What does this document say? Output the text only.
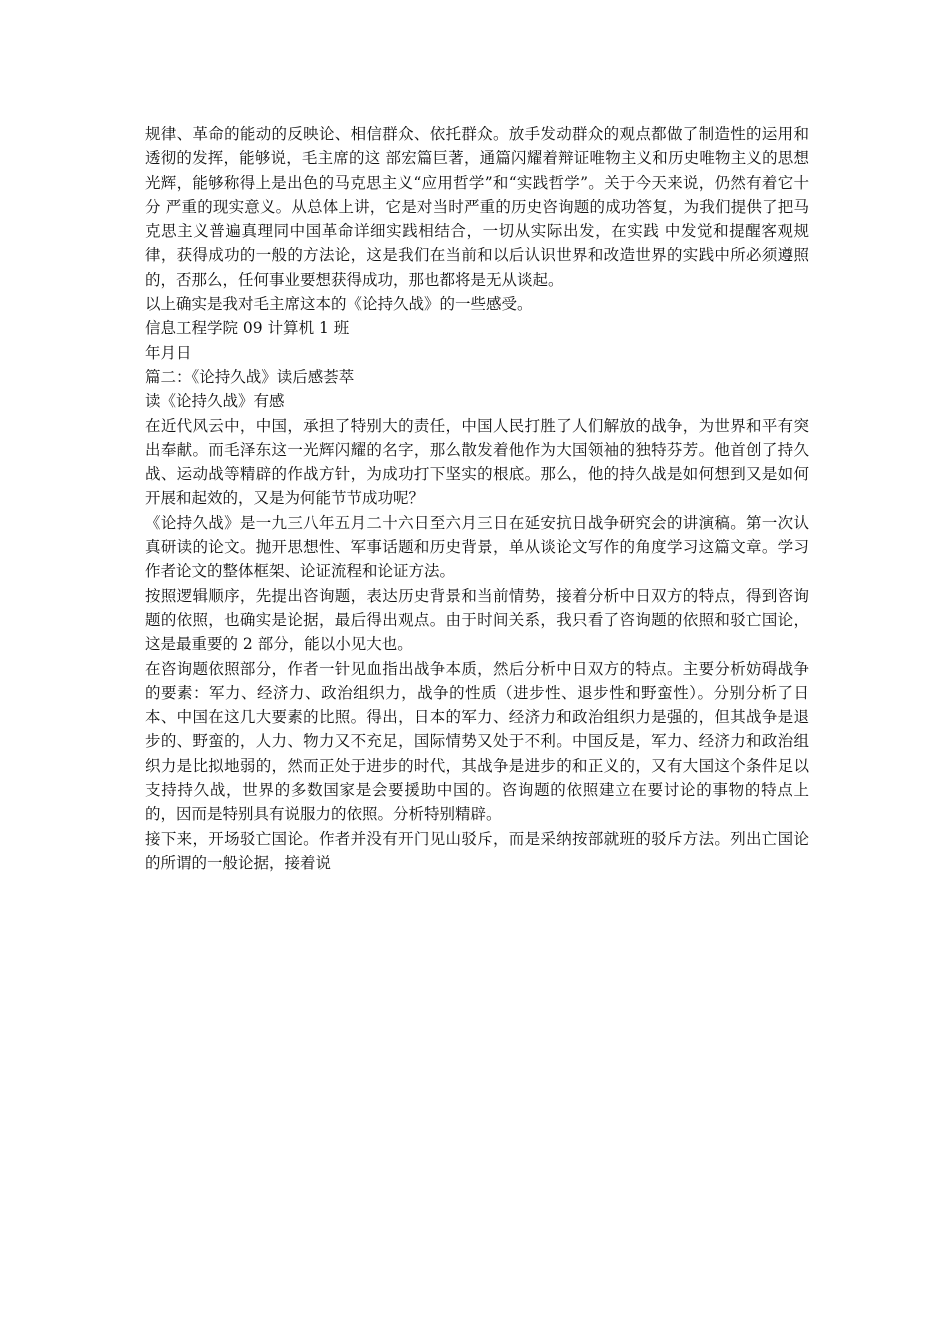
规律、革命的能动的反映论、相信群众、依托群众。放手发动群众的观点都做了制造性的运用和透彻的发挥，能够说，毛主席的这 部宏篇巨著，通篇闪耀着辩证唯物主义和历史唯物主义的思想光辉，能够称得上是出色的马克思主义“应用哲学”和“实践哲学”。关于今天来说，仍然有着它十分 严重的现实意义。从总体上讲，它是对当时严重的历史咨询题的成功答复，为我们提供了把马克思主义普遍真理同中国革命详细实践相结合，一切从实际出发，在实践 中发觉和提醒客观规律，获得成功的一般的方法论，这是我们在当前和以后认识世界和改造世界的实践中所必须遵照的，否那么，任何事业要想获得成功，那也都将是无从谈起。

以上确实是我对毛主席这本的《论持久战》的一些感受。

信息工程学院 09 计算机 1 班

年月日

篇二：《论持久战》读后感荟萃

读《论持久战》有感

在近代风云中，中国，承担了特别大的责任，中国人民打胜了人们解放的战争，为世界和平有突出奉献。而毛泽东这一光辉闪耀的名字，那么散发着他作为大国领袖的独特芬芳。他首创了持久战、运动战等精辟的作战方针，为成功打下坚实的根底。那么，他的持久战是如何想到又是如何开展和起效的，又是为何能节节成功呢？

《论持久战》是一九三八年五月二十六日至六月三日在延安抗日战争研究会的讲演稿。第一次认真研读的论文。抛开思想性、军事话题和历史背景，单从谈论文写作的角度学习这篇文章。学习作者论文的整体框架、论证流程和论证方法。

按照逻辑顺序，先提出咨询题，表达历史背景和当前情势，接着分析中日双方的特点，得到咨询题的依照，也确实是论据，最后得出观点。由于时间关系，我只看了咨询题的依照和驳亡国论，这是最重要的 2 部分，能以小见大也。

在咨询题依照部分，作者一针见血指出战争本质，然后分析中日双方的特点。主要分析妨碍战争的要素：军力、经济力、政治组织力，战争的性质（进步性、退步性和野蛮性）。分别分析了日本、中国在这几大要素的比照。得出，日本的军力、经济力和政治组织力是强的，但其战争是退步的、野蛮的，人力、物力又不充足，国际情势又处于不利。中国反是，军力、经济力和政治组织力是比拟地弱的，然而正处于进步的时代，其战争是进步的和正义的，又有大国这个条件足以支持持久战，世界的多数国家是会要援助中国的。咨询题的依照建立在要讨论的事物的特点上的，因而是特别具有说服力的依照。分析特别精辟。

接下来，开场驳亡国论。作者并没有开门见山驳斥，而是采纳按部就班的驳斥方法。列出亡国论的所谓的一般论据，接着说
